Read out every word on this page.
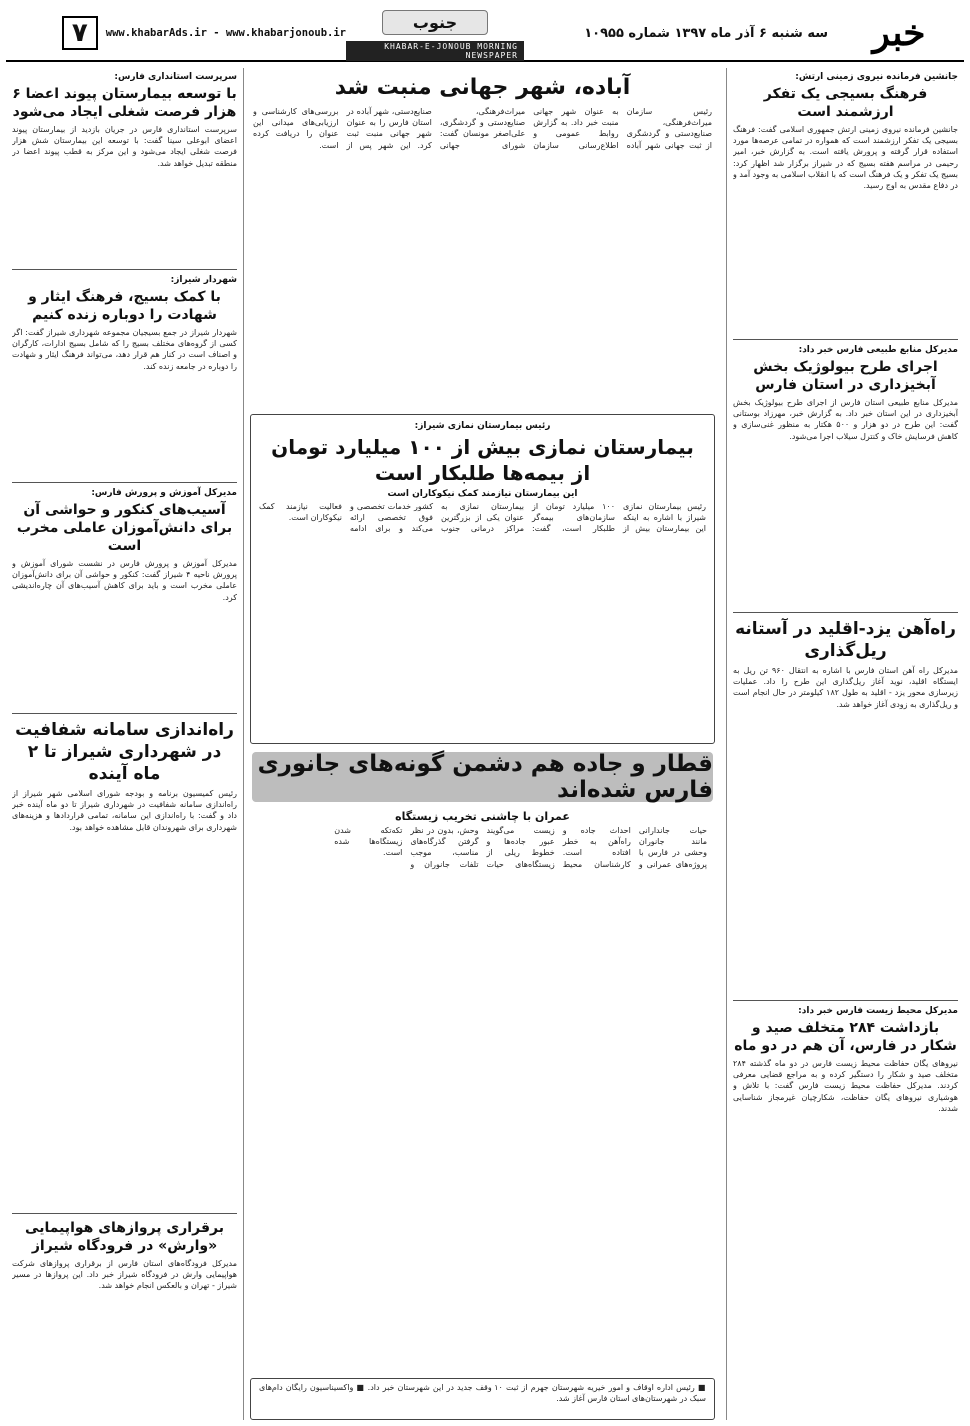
خبر
سه شنبه ۶ آذر ماه ۱۳۹۷ شماره ۱۰۹۵۵
جنوب
KHABAR-E-JONOUB MORNING NEWSPAPER
۷	www.khabarAds.ir - www.khabarjonoub.ir
جانشین فرمانده نیروی زمینی ارتش:
فرهنگ بسیجی یک تفکر ارزشمند است
جانشین فرمانده نیروی زمینی ارتش جمهوری اسلامی گفت: فرهنگ بسیجی یک تفکر ارزشمند است که همواره در تمامی عرصه‌ها مورد استفاده قرار گرفته و پرورش یافته است. به گزارش خبر، امیر رحیمی در مراسم هفته بسیج که در شیراز برگزار شد اظهار کرد: بسیج یک تفکر و یک فرهنگ است که با انقلاب اسلامی به وجود آمد و در دفاع مقدس به اوج رسید.
مدیرکل منابع طبیعی فارس خبر داد:
اجرای طرح بیولوژیک بخش آبخیزداری در استان فارس
مدیرکل منابع طبیعی استان فارس از اجرای طرح بیولوژیک بخش آبخیزداری در این استان خبر داد. به گزارش خبر، مهرزاد بوستانی گفت: این طرح در دو هزار و ۵۰۰ هکتار به منظور غنی‌سازی و کاهش فرسایش خاک و کنترل سیلاب اجرا می‌شود.
راه‌آهن یزد-اقلید در آستانه ریل‌گذاری
مدیرکل راه آهن استان فارس با اشاره به انتقال ۹۶۰ تن ریل به ایستگاه اقلید، نوید آغاز ریل‌گذاری این طرح را داد. عملیات زیرسازی محور یزد - اقلید به طول ۱۸۲ کیلومتر در حال انجام است و ریل‌گذاری به زودی آغاز خواهد شد.
مدیرکل محیط زیست فارس خبر داد:
بازداشت ۲۸۴ متخلف صید و شکار در فارس، آن هم در دو ماه
نیروهای یگان حفاظت محیط زیست فارس در دو ماه گذشته ۲۸۴ متخلف صید و شکار را دستگیر کرده و به مراجع قضایی معرفی کردند. مدیرکل حفاظت محیط زیست فارس گفت: با تلاش و هوشیاری نیروهای یگان حفاظت، شکارچیان غیرمجاز شناسایی شدند.
آباده، شهر جهانی منبت شد
رئیس سازمان میراث‌فرهنگی، صنایع‌دستی و گردشگری از ثبت جهانی شهر آباده به عنوان شهر جهانی منبت خبر داد. به گزارش روابط عمومی و اطلاع‌رسانی سازمان میراث‌فرهنگی، صنایع‌دستی و گردشگری، علی‌اصغر مونسان گفت: شورای جهانی صنایع‌دستی، شهر آباده در استان فارس را به عنوان شهر جهانی منبت ثبت کرد. این شهر پس از بررسی‌های کارشناسی و ارزیابی‌های میدانی این عنوان را دریافت کرده است.
رئیس بیمارستان نمازی شیراز:
بیمارستان نمازی بیش از ۱۰۰ میلیارد تومان از بیمه‌ها طلبکار است
این بیمارستان نیازمند کمک نیکوکاران است
رئیس بیمارستان نمازی شیراز با اشاره به اینکه این بیمارستان بیش از ۱۰۰ میلیارد تومان از سازمان‌های بیمه‌گر طلبکار است، گفت: بیمارستان نمازی به عنوان یکی از بزرگترین مراکز درمانی جنوب کشور خدمات تخصصی و فوق تخصصی ارائه می‌کند و برای ادامه فعالیت نیازمند کمک نیکوکاران است.
قطار و جاده هم دشمن گونه‌های جانوری فارس شده‌اند
عمران با چاشنی تخریب زیستگاه
حیات جاندارانی مانند جانوران وحشی در فارس با پروژه‌های عمرانی و احداث جاده و راه‌آهن به خطر افتاده است. کارشناسان محیط زیست می‌گویند عبور جاده‌ها و خطوط ریلی از زیستگاه‌های حیات وحش، بدون در نظر گرفتن گذرگاه‌های مناسب، موجب تلفات جانوران و تکه‌تکه شدن زیستگاه‌ها شده است.
■ رئیس اداره اوقاف و امور خیریه شهرستان جهرم از ثبت ۱۰ وقف جدید در این شهرستان خبر داد. ■ واکسیناسیون رایگان دام‌های سبک در شهرستان‌های استان فارس آغاز شد.
سرپرست استانداری فارس:
با توسعه بیمارستان پیوند اعضا ۶ هزار فرصت شغلی ایجاد می‌شود
سرپرست استانداری فارس در جریان بازدید از بیمارستان پیوند اعضای ابوعلی سینا گفت: با توسعه این بیمارستان شش هزار فرصت شغلی ایجاد می‌شود و این مرکز به قطب پیوند اعضا در منطقه تبدیل خواهد شد.
شهردار شیراز:
با کمک بسیج، فرهنگ ایثار و شهادت را دوباره زنده کنیم
شهردار شیراز در جمع بسیجیان مجموعه شهرداری شیراز گفت: اگر کسی از گروه‌های مختلف بسیج را که شامل بسیج ادارات، کارگران و اصناف است در کنار هم قرار دهد، می‌تواند فرهنگ ایثار و شهادت را دوباره در جامعه زنده کند.
مدیرکل آموزش و پرورش فارس:
آسیب‌های کنکور و حواشی آن برای دانش‌آموزان عاملی مخرب است
مدیرکل آموزش و پرورش فارس در نشست شورای آموزش و پرورش ناحیه ۴ شیراز گفت: کنکور و حواشی آن برای دانش‌آموزان عاملی مخرب است و باید برای کاهش آسیب‌های آن چاره‌اندیشی کرد.
راه‌اندازی سامانه شفافیت در شهرداری شیراز تا ۲ ماه آینده
رئیس کمیسیون برنامه و بودجه شورای اسلامی شهر شیراز از راه‌اندازی سامانه شفافیت در شهرداری شیراز تا دو ماه آینده خبر داد و گفت: با راه‌اندازی این سامانه، تمامی قراردادها و هزینه‌های شهرداری برای شهروندان قابل مشاهده خواهد بود.
برقراری پروازهای هواپیمایی «وارش» در فرودگاه شیراز
مدیرکل فرودگاه‌های استان فارس از برقراری پروازهای شرکت هواپیمایی وارش در فرودگاه شیراز خبر داد. این پروازها در مسیر شیراز - تهران و بالعکس انجام خواهد شد.
